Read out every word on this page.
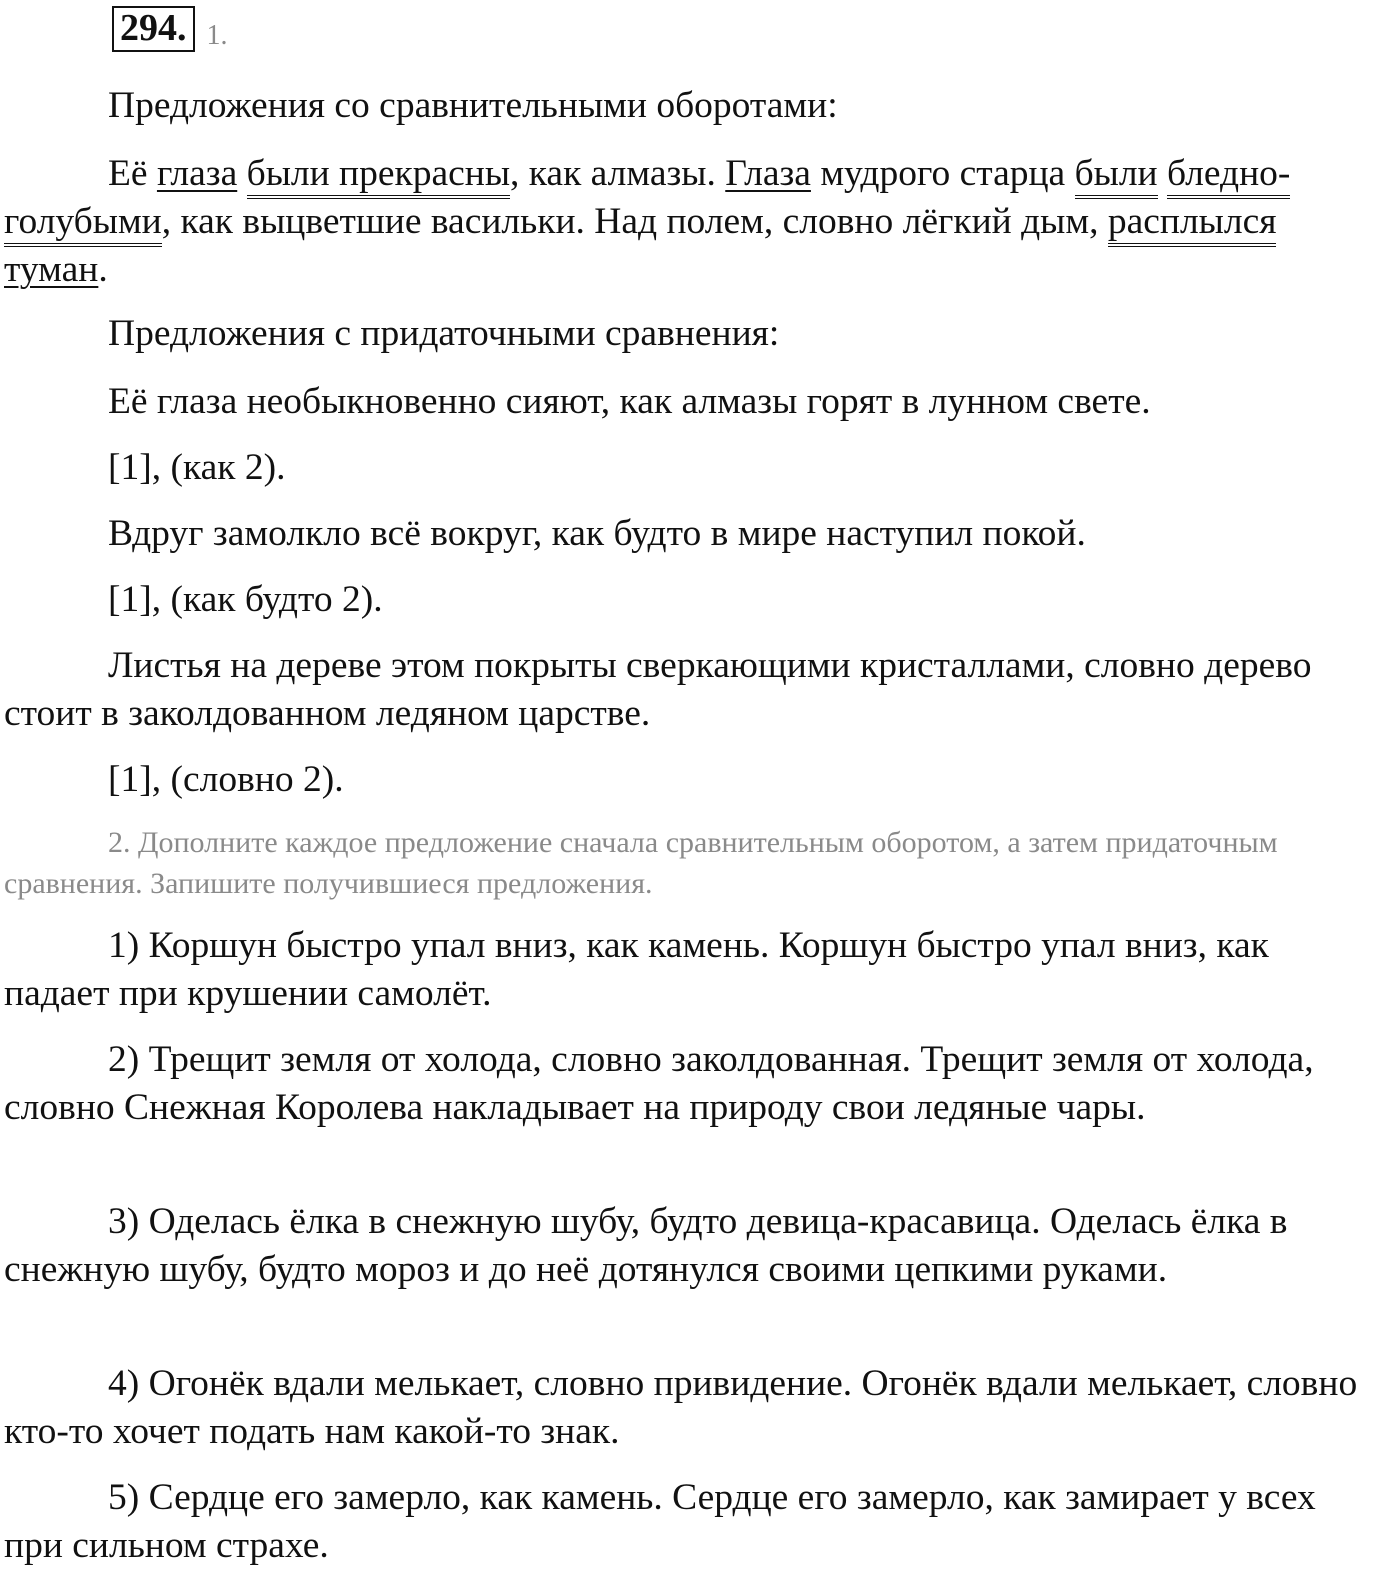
294. 1.

Предложения со сравнительными оборотами:

Её глаза были прекрасны, как алмазы. Глаза мудрого старца были бледно-голубыми, как выцветшие васильки. Над полем, словно лёгкий дым, расплылся туман.

Предложения с придаточными сравнения:

Её глаза необыкновенно сияют, как алмазы горят в лунном свете.

[1], (как 2).

Вдруг замолкло всё вокруг, как будто в мире наступил покой.

[1], (как будто 2).

Листья на дереве этом покрыты сверкающими кристаллами, словно дерево стоит в заколдованном ледяном царстве.

[1], (словно 2).

2. Дополните каждое предложение сначала сравнительным оборотом, а затем придаточным сравнения. Запишите получившиеся предложения.

1) Коршун быстро упал вниз, как камень. Коршун быстро упал вниз, как падает при крушении самолёт.

2) Трещит земля от холода, словно заколдованная. Трещит земля от холода, словно Снежная Королева накладывает на природу свои ледяные чары.

3) Оделась ёлка в снежную шубу, будто девица-красавица. Оделась ёлка в снежную шубу, будто мороз и до неё дотянулся своими цепкими руками.

4) Огонёк вдали мелькает, словно привидение. Огонёк вдали мелькает, словно кто-то хочет подать нам какой-то знак.

5) Сердце его замерло, как камень. Сердце его замерло, как замирает у всех при сильном страхе.
